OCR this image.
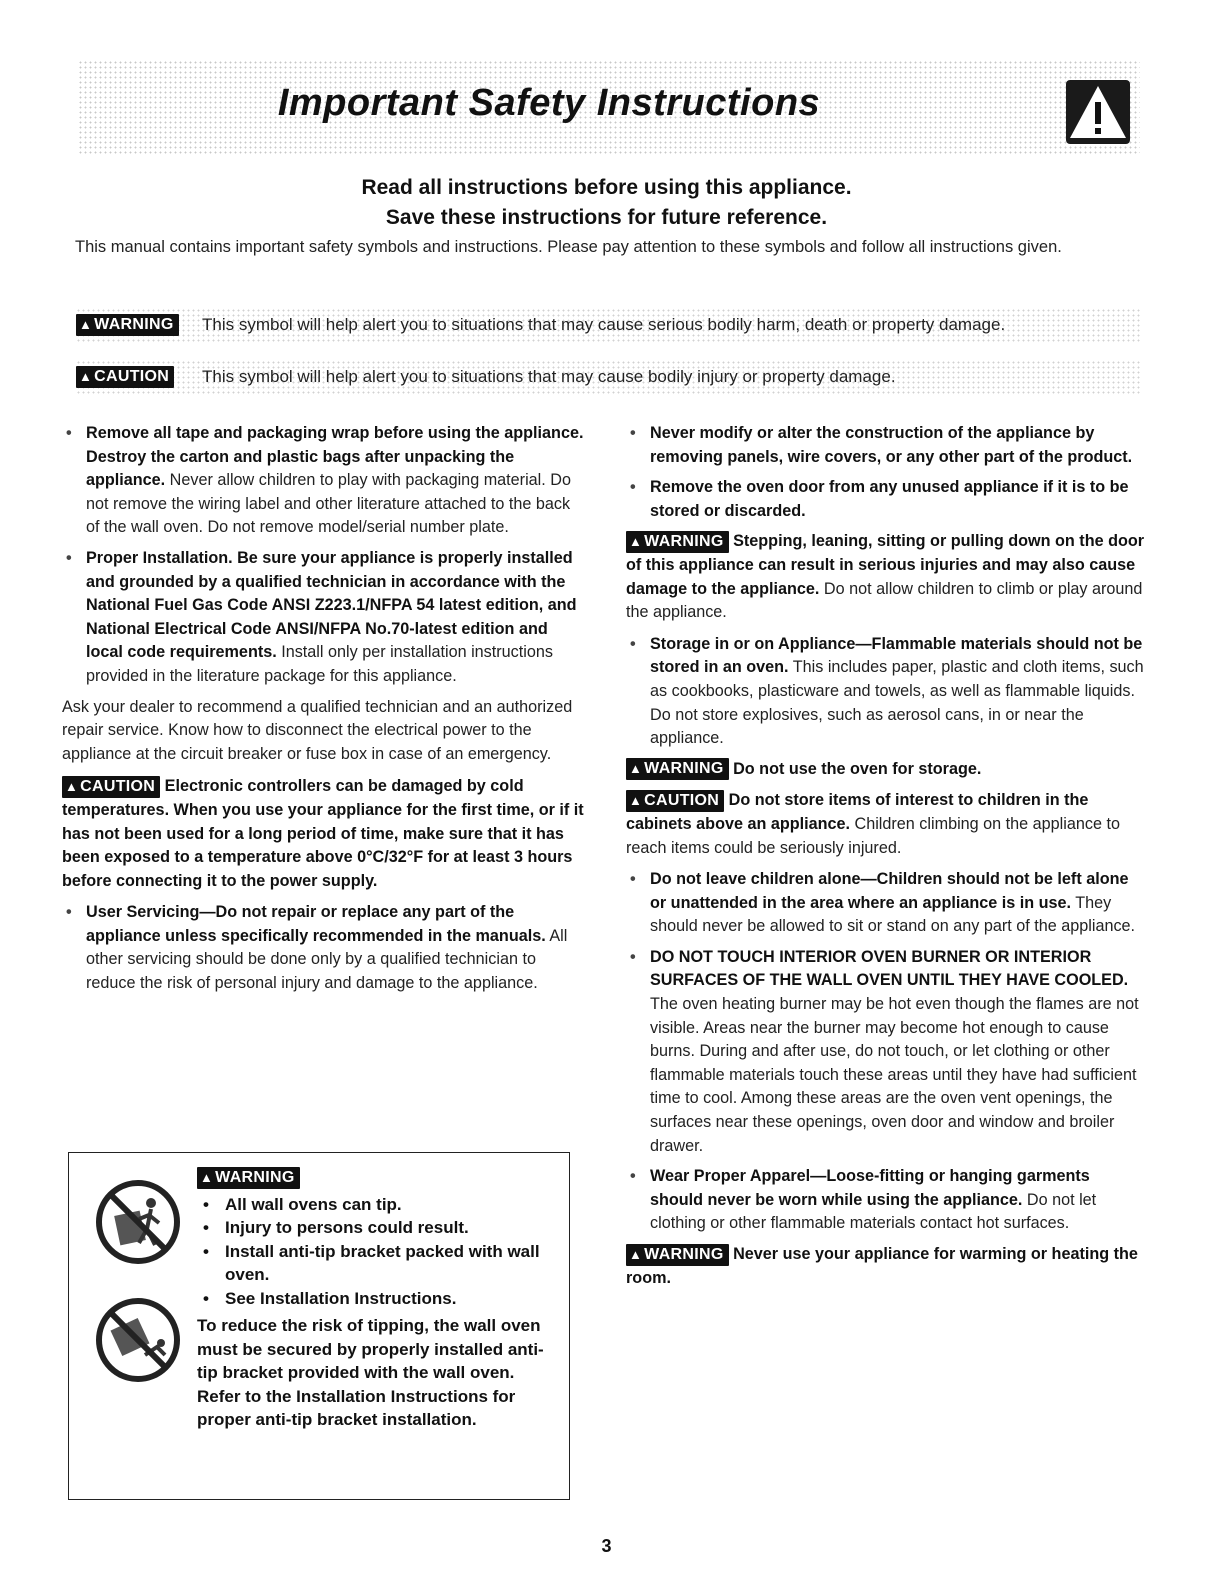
Important Safety Instructions
Read all instructions before using this appliance.
Save these instructions for future reference.
This manual contains important safety symbols and instructions. Please pay attention to these symbols and follow all instructions given.
▲ WARNING This symbol will help alert you to situations that may cause serious bodily harm, death or property damage.
▲ CAUTION This symbol will help alert you to situations that may cause bodily injury or property damage.
• Remove all tape and packaging wrap before using the appliance. Destroy the carton and plastic bags after unpacking the appliance. Never allow children to play with packaging material. Do not remove the wiring label and other literature attached to the back of the wall oven. Do not remove model/serial number plate.
• Proper Installation. Be sure your appliance is properly installed and grounded by a qualified technician in accordance with the National Fuel Gas Code ANSI Z223.1/NFPA 54 latest edition, and National Electrical Code ANSI/NFPA No.70-latest edition and local code requirements. Install only per installation instructions provided in the literature package for this appliance.
Ask your dealer to recommend a qualified technician and an authorized repair service. Know how to disconnect the electrical power to the appliance at the circuit breaker or fuse box in case of an emergency.
▲ CAUTION Electronic controllers can be damaged by cold temperatures. When you use your appliance for the first time, or if it has not been used for a long period of time, make sure that it has been exposed to a temperature above 0°C/32°F for at least 3 hours before connecting it to the power supply.
• User Servicing—Do not repair or replace any part of the appliance unless specifically recommended in the manuals. All other servicing should be done only by a qualified technician to reduce the risk of personal injury and damage to the appliance.
▲ WARNING
• All wall ovens can tip.
• Injury to persons could result.
• Install anti-tip bracket packed with wall oven.
• See Installation Instructions.
To reduce the risk of tipping, the wall oven must be secured by properly installed anti-tip bracket provided with the wall oven. Refer to the Installation Instructions for proper anti-tip bracket installation.
• Never modify or alter the construction of the appliance by removing panels, wire covers, or any other part of the product.
• Remove the oven door from any unused appliance if it is to be stored or discarded.
▲ WARNING Stepping, leaning, sitting or pulling down on the door of this appliance can result in serious injuries and may also cause damage to the appliance. Do not allow children to climb or play around the appliance.
• Storage in or on Appliance—Flammable materials should not be stored in an oven. This includes paper, plastic and cloth items, such as cookbooks, plasticware and towels, as well as flammable liquids. Do not store explosives, such as aerosol cans, in or near the appliance.
▲ WARNING Do not use the oven for storage.
▲ CAUTION Do not store items of interest to children in the cabinets above an appliance. Children climbing on the appliance to reach items could be seriously injured.
• Do not leave children alone—Children should not be left alone or unattended in the area where an appliance is in use. They should never be allowed to sit or stand on any part of the appliance.
• DO NOT TOUCH INTERIOR OVEN BURNER OR INTERIOR SURFACES OF THE WALL OVEN UNTIL THEY HAVE COOLED. The oven heating burner may be hot even though the flames are not visible. Areas near the burner may become hot enough to cause burns. During and after use, do not touch, or let clothing or other flammable materials touch these areas until they have had sufficient time to cool. Among these areas are the oven vent openings, the surfaces near these openings, oven door and window and broiler drawer.
• Wear Proper Apparel—Loose-fitting or hanging garments should never be worn while using the appliance. Do not let clothing or other flammable materials contact hot surfaces.
▲ WARNING Never use your appliance for warming or heating the room.
3
